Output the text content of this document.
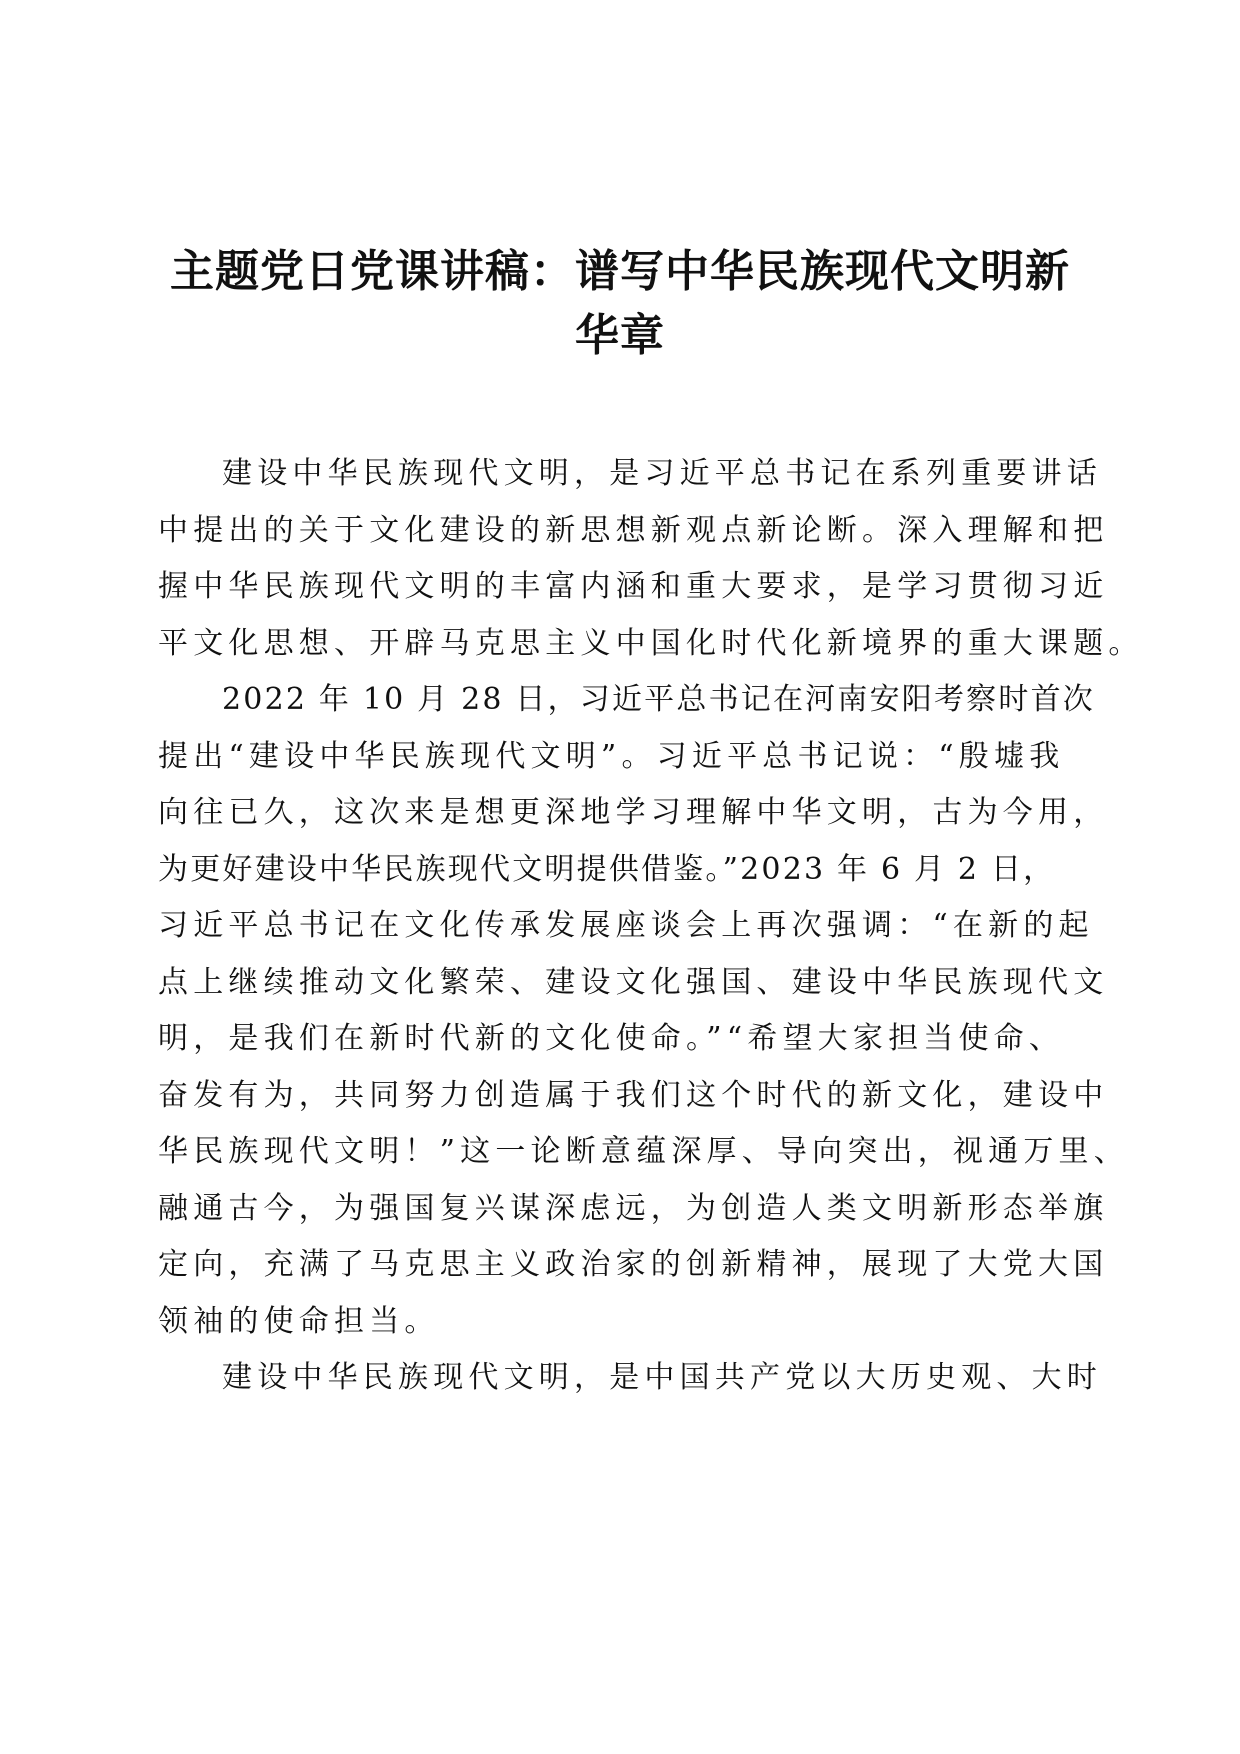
主题党日党课讲稿：谱写中华民族现代文明新
华章
建设中华民族现代文明，是习近平总书记在系列重要讲话
中提出的关于文化建设的新思想新观点新论断。深入理解和把
握中华民族现代文明的丰富内涵和重大要求，是学习贯彻习近
平文化思想、开辟马克思主义中国化时代化新境界的重大课题。
2022 年 10 月 28 日，习近平总书记在河南安阳考察时首次
提出“建设中华民族现代文明”。习近平总书记说：“殷墟我
向往已久，这次来是想更深地学习理解中华文明，古为今用，
为更好建设中华民族现代文明提供借鉴。”2023 年 6 月 2 日，
习近平总书记在文化传承发展座谈会上再次强调：“在新的起
点上继续推动文化繁荣、建设文化强国、建设中华民族现代文
明，是我们在新时代新的文化使命。”“希望大家担当使命、
奋发有为，共同努力创造属于我们这个时代的新文化，建设中
华民族现代文明！”这一论断意蕴深厚、导向突出，视通万里、
融通古今，为强国复兴谋深虑远，为创造人类文明新形态举旗
定向，充满了马克思主义政治家的创新精神，展现了大党大国
领袖的使命担当。
建设中华民族现代文明，是中国共产党以大历史观、大时
